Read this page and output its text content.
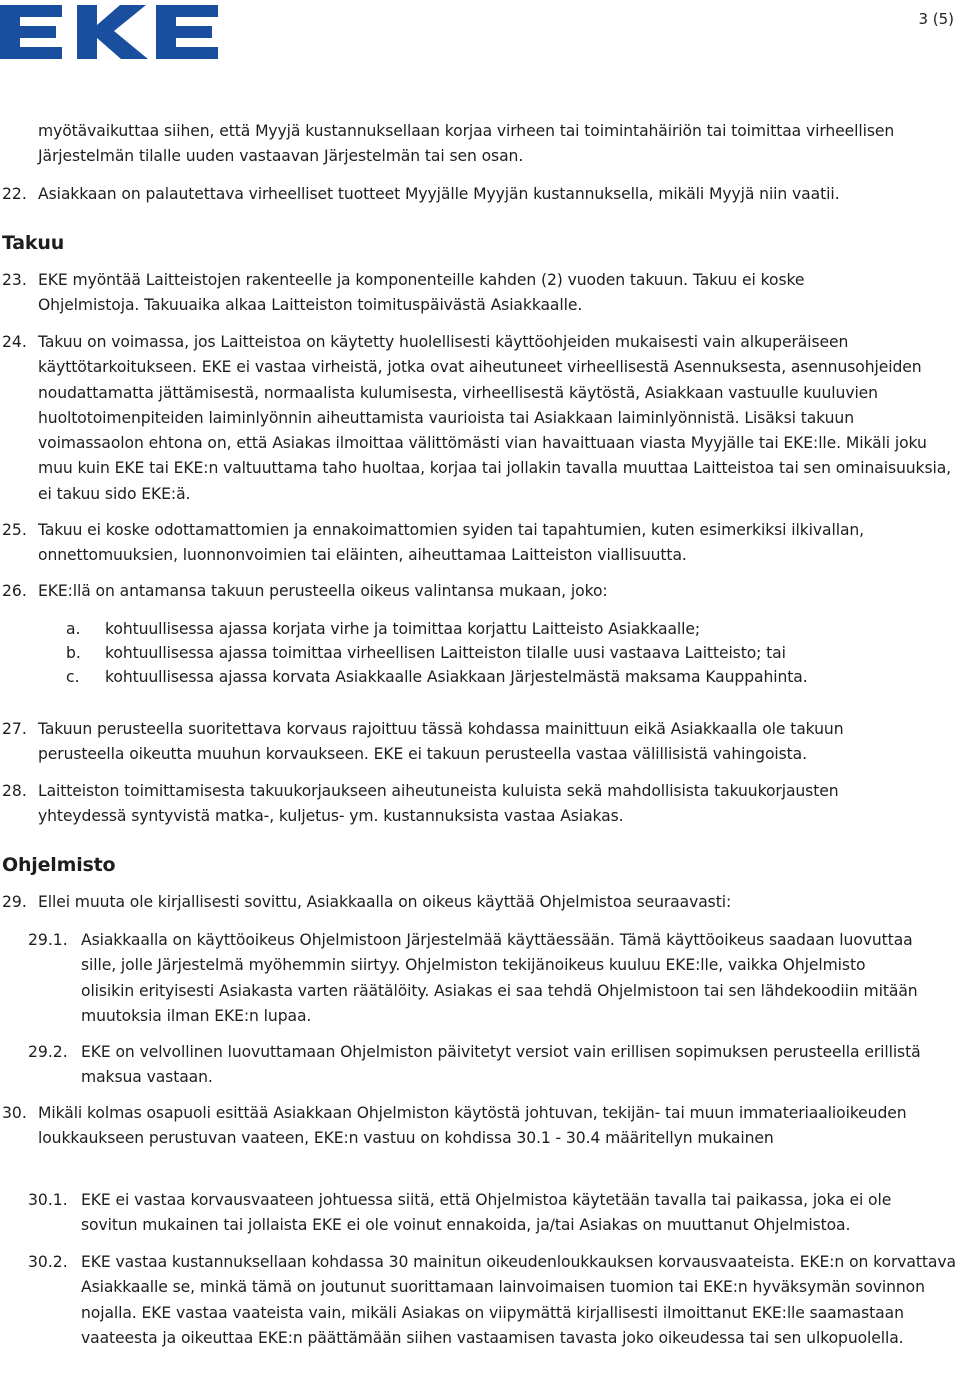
3 (5)
myötävaikuttaa siihen, että Myyjä kustannuksellaan korjaa virheen tai toimintahäiriön tai toimittaa virheellisen Järjestelmän tilalle uuden vastaavan Järjestelmän tai sen osan.
22. Asiakkaan on palautettava virheelliset tuotteet Myyjälle Myyjän kustannuksella, mikäli Myyjä niin vaatii.
Takuu
23. EKE myöntää Laitteistojen rakenteelle ja komponenteille kahden (2) vuoden takuun. Takuu ei koske Ohjelmistoja. Takuuaika alkaa Laitteiston toimituspäivästä Asiakkaalle.
24. Takuu on voimassa, jos Laitteistoa on käytetty huolellisesti käyttöohjeiden mukaisesti vain alkuperäiseen käyttötarkoitukseen. EKE ei vastaa virheistä, jotka ovat aiheutuneet virheellisestä Asennuksesta, asennusohjeiden noudattamatta jättämisestä, normaalista kulumisesta, virheellisestä käytöstä, Asiakkaan vastuulle kuuluvien huoltotoimenpiteiden laiminlyönnin aiheuttamista vaurioista tai Asiakkaan laiminlyönnistä. Lisäksi takuun voimassaolon ehtona on, että Asiakas ilmoittaa välittömästi vian havaittuaan viasta Myyjälle tai EKE:lle. Mikäli joku muu kuin EKE tai EKE:n valtuuttama taho huoltaa, korjaa tai jollakin tavalla muuttaa Laitteistoa tai sen ominaisuuksia, ei takuu sido EKE:ä.
25. Takuu ei koske odottamattomien ja ennakoimattomien syiden tai tapahtumien, kuten esimerkiksi ilkivallan, onnettomuuksien, luonnonvoimien tai eläinten, aiheuttamaa Laitteiston viallisuutta.
26. EKE:llä on antamansa takuun perusteella oikeus valintansa mukaan, joko:
a. kohtuullisessa ajassa korjata virhe ja toimittaa korjattu Laitteisto Asiakkaalle;
b. kohtuullisessa ajassa toimittaa virheellisen Laitteiston tilalle uusi vastaava Laitteisto; tai
c. kohtuullisessa ajassa korvata Asiakkaalle Asiakkaan Järjestelmästä maksama Kauppahinta.
27. Takuun perusteella suoritettava korvaus rajoittuu tässä kohdassa mainittuun eikä Asiakkaalla ole takuun perusteella oikeutta muuhun korvaukseen. EKE ei takuun perusteella vastaa välillisistä vahingoista.
28. Laitteiston toimittamisesta takuukorjaukseen aiheutuneista kuluista sekä mahdollisista takuukorjausten yhteydessä syntyvistä matka-, kuljetus- ym. kustannuksista vastaa Asiakas.
Ohjelmisto
29. Ellei muuta ole kirjallisesti sovittu, Asiakkaalla on oikeus käyttää Ohjelmistoa seuraavasti:
29.1. Asiakkaalla on käyttöoikeus Ohjelmistoon Järjestelmää käyttäessään. Tämä käyttöoikeus saadaan luovuttaa sille, jolle Järjestelmä myöhemmin siirtyy. Ohjelmiston tekijänoikeus kuuluu EKE:lle, vaikka Ohjelmisto olisikin erityisesti Asiakasta varten räätälöity. Asiakas ei saa tehdä Ohjelmistoon tai sen lähdekoodiin mitään muutoksia ilman EKE:n lupaa.
29.2. EKE on velvollinen luovuttamaan Ohjelmiston päivitetyt versiot vain erillisen sopimuksen perusteella erillistä maksua vastaan.
30. Mikäli kolmas osapuoli esittää Asiakkaan Ohjelmiston käytöstä johtuvan, tekijän- tai muun immateriaalioikeuden loukkaukseen perustuvan vaateen, EKE:n vastuu on kohdissa 30.1 - 30.4 määritellyn mukainen
30.1. EKE ei vastaa korvausvaateen johtuessa siitä, että Ohjelmistoa käytetään tavalla tai paikassa, joka ei ole sovitun mukainen tai jollaista EKE ei ole voinut ennakoida, ja/tai Asiakas on muuttanut Ohjelmistoa.
30.2. EKE vastaa kustannuksellaan kohdassa 30 mainitun oikeudenloukkauksen korvausvaateista. EKE:n on korvattava Asiakkaalle se, minkä tämä on joutunut suorittamaan lainvoimaisen tuomion tai EKE:n hyväksymän sovinnon nojalla. EKE vastaa vaateista vain, mikäli Asiakas on viipymättä kirjallisesti ilmoittanut EKE:lle saamastaan vaateesta ja oikeuttaa EKE:n päättämään siihen vastaamisen tavasta joko oikeudessa tai sen ulkopuolella.
